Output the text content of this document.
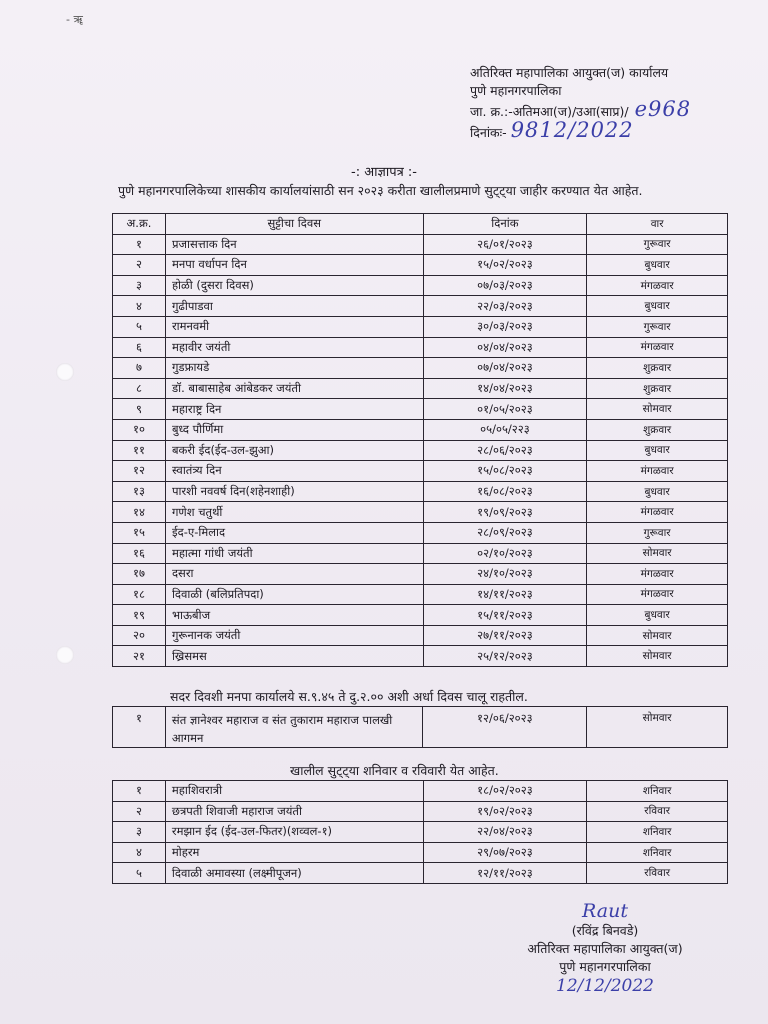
- ॠ
अतिरिक्त महापालिका आयुक्त(ज) कार्यालय
पुणे महानगरपालिका
जा. क्र.:-अतिमआ(ज)/उआ(साप्र)/ e968
दिनांकः- 9812/2022
-: आज्ञापत्र :-
पुणे महानगरपालिकेच्या शासकीय कार्यालयांसाठी सन २०२३ करीता खालीलप्रमाणे सुट्ट्या जाहीर करण्यात येत आहेत.
अ.क्र.	सुट्टीचा दिवस	दिनांक	वार
१	प्रजासत्ताक दिन	२६/०१/२०२३	गुरूवार
२	मनपा वर्धापन दिन	१५/०२/२०२३	बुधवार
३	होळी (दुसरा दिवस)	०७/०३/२०२३	मंगळवार
४	गुढीपाडवा	२२/०३/२०२३	बुधवार
५	रामनवमी	३०/०३/२०२३	गुरूवार
६	महावीर जयंती	०४/०४/२०२३	मंगळवार
७	गुडफ्रायडे	०७/०४/२०२३	शुक्रवार
८	डॉ. बाबासाहेब आंबेडकर जयंती	१४/०४/२०२३	शुक्रवार
९	महाराष्ट्र दिन	०१/०५/२०२३	सोमवार
१०	बुध्द पौर्णिमा	०५/०५/२२३	शुक्रवार
११	बकरी ईद(ईद-उल-झुआ)	२८/०६/२०२३	बुधवार
१२	स्वातंत्र्य दिन	१५/०८/२०२३	मंगळवार
१३	पारशी नववर्ष दिन(शहेनशाही)	१६/०८/२०२३	बुधवार
१४	गणेश चतुर्थी	१९/०९/२०२३	मंगळवार
१५	ईद-ए-मिलाद	२८/०९/२०२३	गुरूवार
१६	महात्मा गांधी जयंती	०२/१०/२०२३	सोमवार
१७	दसरा	२४/१०/२०२३	मंगळवार
१८	दिवाळी (बलिप्रतिपदा)	१४/११/२०२३	मंगळवार
१९	भाऊबीज	१५/११/२०२३	बुधवार
२०	गुरूनानक जयंती	२७/११/२०२३	सोमवार
२१	ख्रिसमस	२५/१२/२०२३	सोमवार
सदर दिवशी मनपा कार्यालये स.९.४५ ते दु.२.०० अशी अर्धा दिवस चालू राहतील.
१	संत ज्ञानेश्वर महाराज व संत तुकाराम महाराज पालखी आगमन	१२/०६/२०२३	सोमवार
खालील सुट्ट्या शनिवार व रविवारी येत आहेत.
१	महाशिवरात्री	१८/०२/२०२३	शनिवार
२	छत्रपती शिवाजी महाराज जयंती	१९/०२/२०२३	रविवार
३	रमझान ईद (ईद-उल-फितर)(शव्वल-१)	२२/०४/२०२३	शनिवार
४	मोहरम	२९/०७/२०२३	शनिवार
५	दिवाळी अमावस्या (लक्ष्मीपूजन)	१२/११/२०२३	रविवार
Raut
(रविंद्र बिनवडे)
अतिरिक्त महापालिका आयुक्त(ज)
पुणे महानगरपालिका
12/12/2022
